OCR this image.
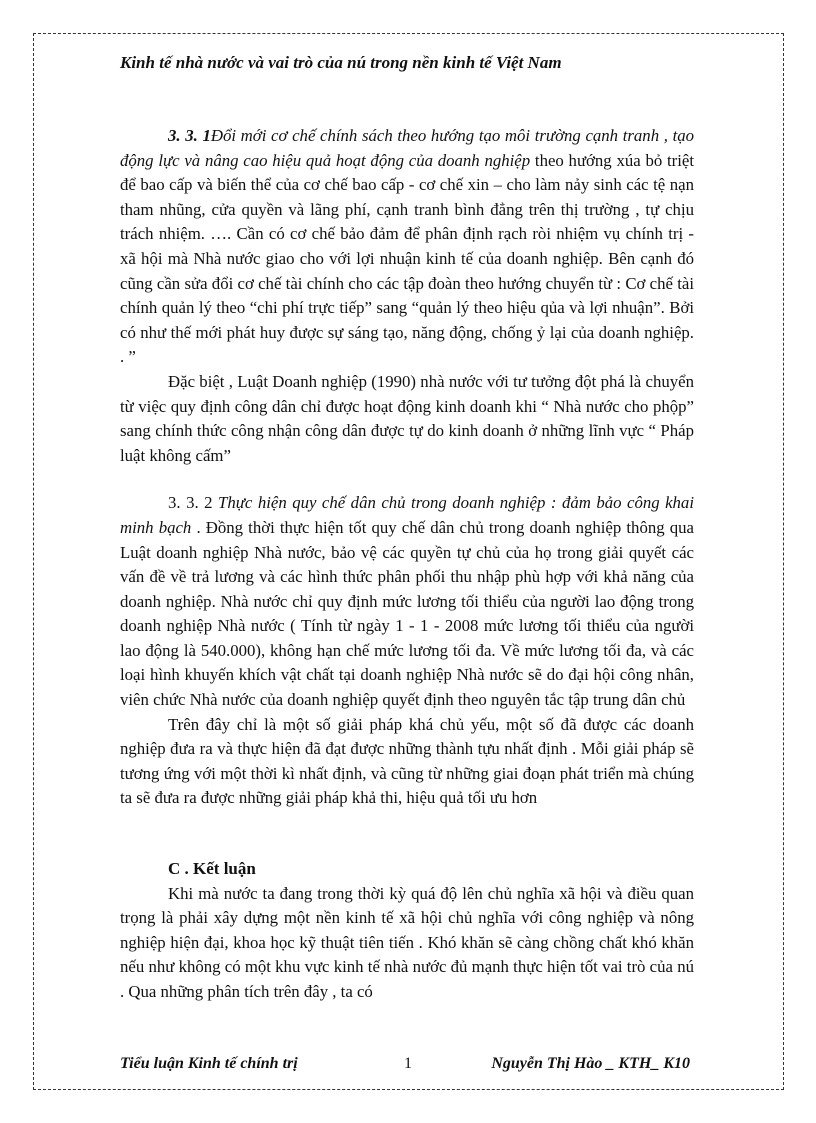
Kinh tế nhà nước và vai trò của nú trong nền kinh tế Việt Nam

3. 3. 1Đổi mới cơ chế chính sách theo hướng tạo môi trường cạnh tranh , tạo động lực và nâng cao hiệu quả hoạt động của doanh nghiệp theo hướng xúa bỏ triệt để bao cấp và biến thể của cơ chế bao cấp - cơ chế xin – cho làm nảy sinh các tệ nạn tham nhũng, cửa quyền và lãng phí, cạnh tranh bình đẳng trên thị trường , tự chịu trách nhiệm. …. Cần có cơ chế bảo đảm để phân định rạch ròi nhiệm vụ chính trị - xã hội mà Nhà nước giao cho với lợi nhuận kinh tế của doanh nghiệp. Bên cạnh đó cũng cần sửa đổi cơ chế tài chính cho các tập đoàn theo hướng chuyển từ : Cơ chế tài chính quản lý theo “chi phí trực tiếp” sang “quản lý theo hiệu qủa và lợi nhuận”. Bởi có như thế mới phát huy được sự sáng tạo, năng động, chống ỷ lại của doanh nghiệp. . ”

Đặc biệt , Luật Doanh nghiệp (1990) nhà nước với tư tưởng đột phá là chuyển từ việc quy định công dân chỉ được hoạt động kinh doanh khi “ Nhà nước cho phộp” sang chính thức công nhận công dân được tự do kinh doanh ở những lĩnh vực “ Pháp luật không cấm”

3. 3. 2 Thực hiện quy chế dân chủ trong doanh nghiệp : đảm bảo công khai minh bạch . Đồng thời thực hiện tốt quy chế dân chủ trong doanh nghiệp thông qua Luật doanh nghiệp Nhà nước, bảo vệ các quyền tự chủ của họ trong giải quyết các vấn đề về trả lương và các hình thức phân phối thu nhập phù hợp với khả năng của doanh nghiệp. Nhà nước chỉ quy định mức lương tối thiểu của người lao động trong doanh nghiệp Nhà nước ( Tính từ ngày 1 - 1 - 2008 mức lương tối thiểu của người lao động là 540.000), không hạn chế mức lương tối đa. Về mức lương tối đa, và các loại hình khuyến khích vật chất tại doanh nghiệp Nhà nước sẽ do đại hội công nhân, viên chức Nhà nước của doanh nghiệp quyết định theo nguyên tắc tập trung dân chủ

Trên đây chỉ là một số giải pháp khá chủ yếu, một số đã được các doanh nghiệp đưa ra và thực hiện đã đạt được những thành tựu nhất định . Mỗi giải pháp sẽ tương ứng với một thời kì nhất định, và cũng từ những giai đoạn phát triển mà chúng ta sẽ đưa ra được những giải pháp khả thi, hiệu quả tối ưu hơn

C . Kết luận

Khi mà nước ta đang trong thời kỳ quá độ lên chủ nghĩa xã hội và điều quan trọng là phải xây dựng một nền kinh tế xã hội chủ nghĩa với công nghiệp và nông nghiệp hiện đại, khoa học kỹ thuật tiên tiến . Khó khăn sẽ càng chồng chất khó khăn nếu như không có một khu vực kinh tế nhà nước đủ mạnh thực hiện tốt vai trò của nú . Qua những phân tích trên đây , ta có

Tiểu luận Kinh tế chính trị	1	Nguyễn Thị Hào _ KTH_ K10
